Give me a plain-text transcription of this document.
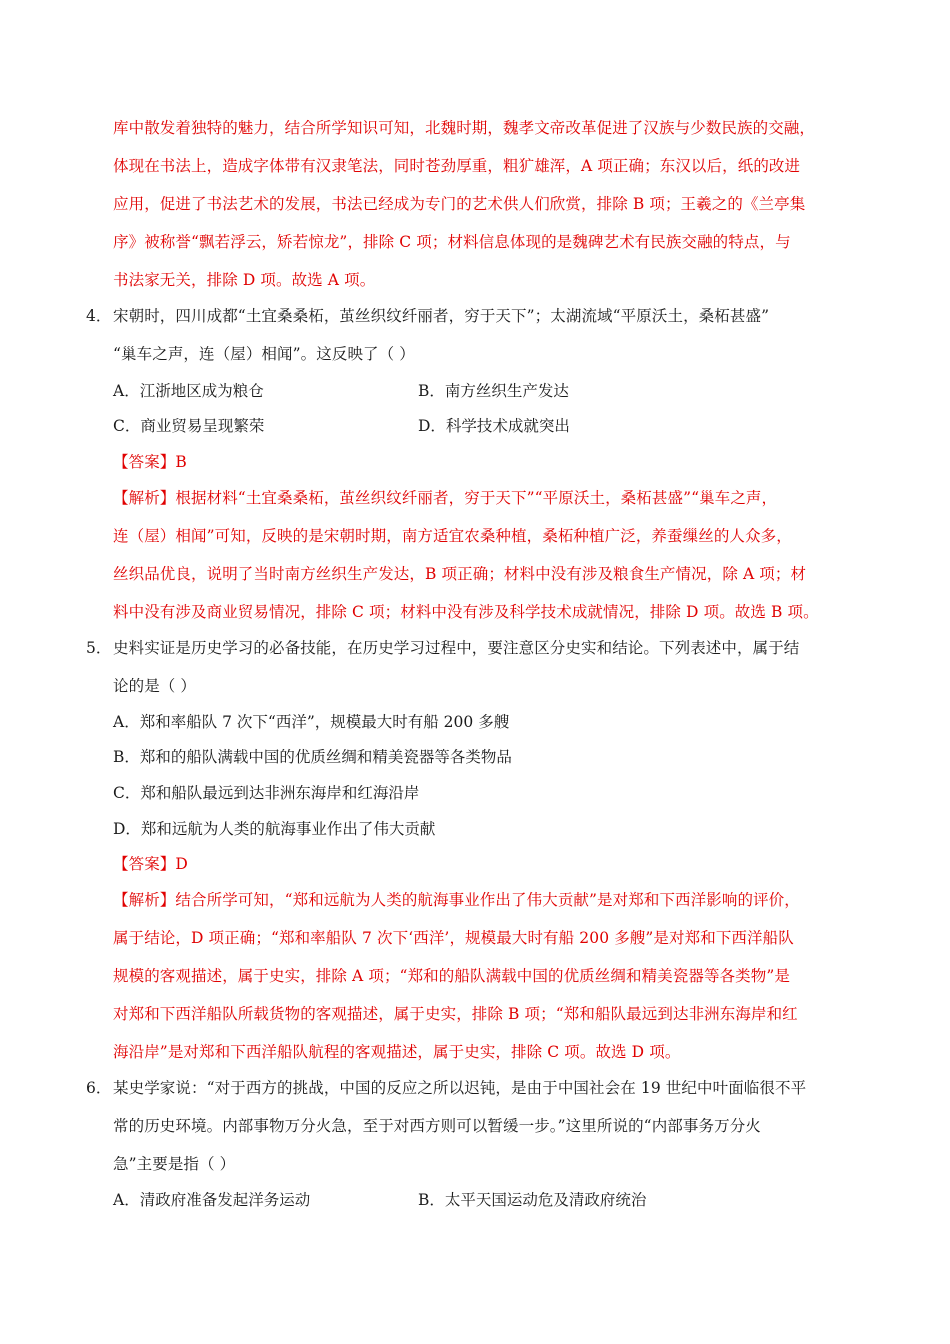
库中散发着独特的魅力，结合所学知识可知，北魏时期，魏孝文帝改革促进了汉族与少数民族的交融，
体现在书法上，造成字体带有汉隶笔法，同时苍劲厚重，粗犷雄浑，A 项正确；东汉以后，纸的改进
应用，促进了书法艺术的发展，书法已经成为专门的艺术供人们欣赏，排除 B 项；王羲之的《兰亭集
序》被称誉“飘若浮云，矫若惊龙”，排除 C 项；材料信息体现的是魏碑艺术有民族交融的特点，与
书法家无关，排除 D 项。故选 A 项。
4． 宋朝时，四川成都“土宜桑桑柘，茧丝织纹纤丽者，穷于天下”；太湖流域“平原沃土，桑柘甚盛”
“巢车之声，连（屋）相闻”。这反映了（ ）
A．江浙地区成为粮仓	B．南方丝织生产发达
C．商业贸易呈现繁荣	D．科学技术成就突出
【答案】B
【解析】根据材料“土宜桑桑柘，茧丝织纹纤丽者，穷于天下”“平原沃土，桑柘甚盛”“巢车之声，
连（屋）相闻”可知，反映的是宋朝时期，南方适宜农桑种植，桑柘种植广泛，养蚕缫丝的人众多，
丝织品优良，说明了当时南方丝织生产发达，B 项正确；材料中没有涉及粮食生产情况，除 A 项；材
料中没有涉及商业贸易情况，排除 C 项；材料中没有涉及科学技术成就情况，排除 D 项。故选 B 项。
5． 史料实证是历史学习的必备技能，在历史学习过程中，要注意区分史实和结论。下列表述中，属于结
论的是（ ）
A．郑和率船队 7 次下“西洋”，规模最大时有船 200 多艘
B．郑和的船队满载中国的优质丝绸和精美瓷器等各类物品
C．郑和船队最远到达非洲东海岸和红海沿岸
D．郑和远航为人类的航海事业作出了伟大贡献
【答案】D
【解析】结合所学可知，“郑和远航为人类的航海事业作出了伟大贡献”是对郑和下西洋影响的评价，
属于结论，D 项正确；“郑和率船队 7 次下‘西洋’，规模最大时有船 200 多艘”是对郑和下西洋船队
规模的客观描述，属于史实，排除 A 项；“郑和的船队满载中国的优质丝绸和精美瓷器等各类物”是
对郑和下西洋船队所载货物的客观描述，属于史实，排除 B 项；“郑和船队最远到达非洲东海岸和红
海沿岸”是对郑和下西洋船队航程的客观描述，属于史实，排除 C 项。故选 D 项。
6． 某史学家说：“对于西方的挑战，中国的反应之所以迟钝，是由于中国社会在 19 世纪中叶面临很不平
常的历史环境。内部事物万分火急，至于对西方则可以暂缓一步。”这里所说的“内部事务万分火
急”主要是指（ ）
A．清政府准备发起洋务运动	B．太平天国运动危及清政府统治
